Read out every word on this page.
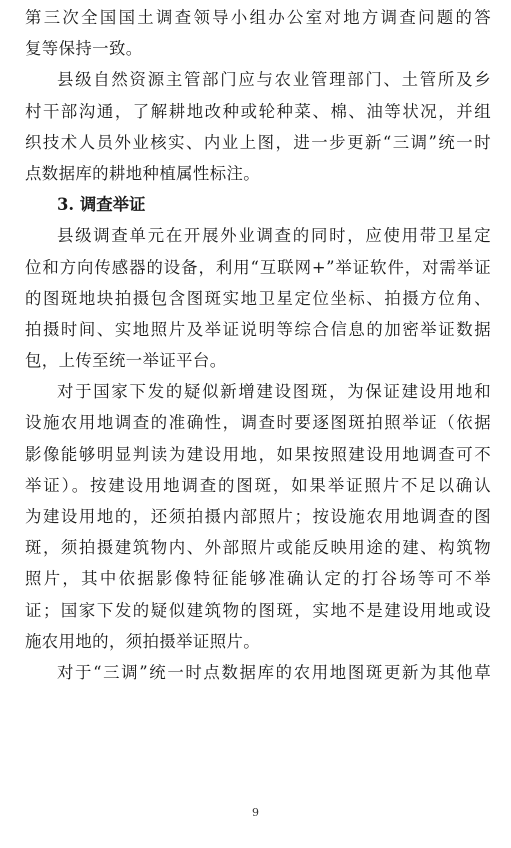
第三次全国国土调查领导小组办公室对地方调查问题的答
复等保持一致。
县级自然资源主管部门应与农业管理部门、土管所及乡
村干部沟通，了解耕地改种或轮种菜、棉、油等状况，并组
织技术人员外业核实、内业上图，进一步更新“三调”统一时
点数据库的耕地种植属性标注。
3. 调查举证
县级调查单元在开展外业调查的同时，应使用带卫星定
位和方向传感器的设备，利用“互联网+”举证软件，对需举证
的图斑地块拍摄包含图斑实地卫星定位坐标、拍摄方位角、
拍摄时间、实地照片及举证说明等综合信息的加密举证数据
包，上传至统一举证平台。
对于国家下发的疑似新增建设图斑，为保证建设用地和
设施农用地调查的准确性，调查时要逐图斑拍照举证（依据
影像能够明显判读为建设用地，如果按照建设用地调查可不
举证）。按建设用地调查的图斑，如果举证照片不足以确认
为建设用地的，还须拍摄内部照片；按设施农用地调查的图
斑，须拍摄建筑物内、外部照片或能反映用途的建、构筑物
照片，其中依据影像特征能够准确认定的打谷场等可不举
证；国家下发的疑似建筑物的图斑，实地不是建设用地或设
施农用地的，须拍摄举证照片。
对于“三调”统一时点数据库的农用地图斑更新为其他草
9
